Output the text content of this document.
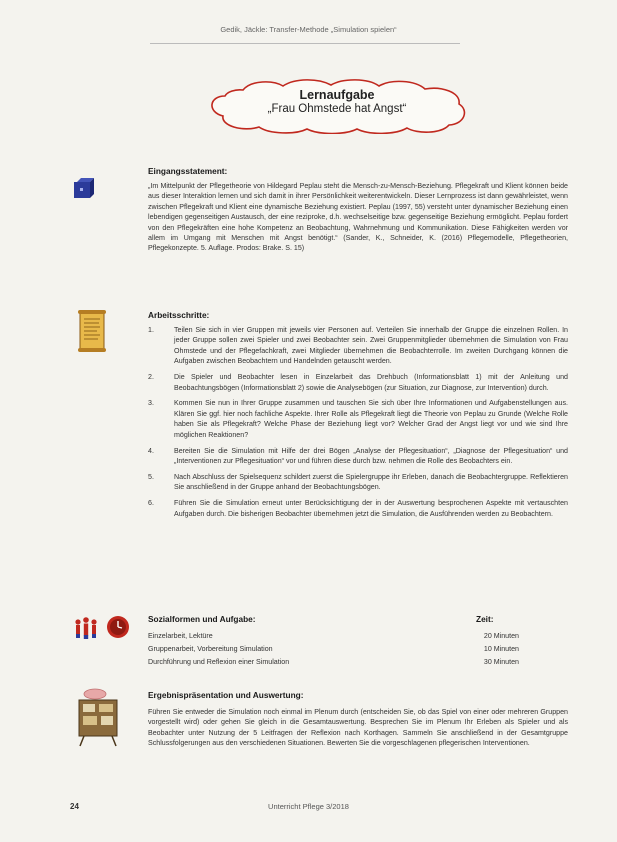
Gedik, Jäckle: Transfer-Methode „Simulation spielen“
Lernaufgabe
„Frau Ohmstede hat Angst“
Eingangsstatement:
„Im Mittelpunkt der Pflegetheorie von Hildegard Peplau steht die Mensch-zu-Mensch-Beziehung. Pflegekraft und Klient können beide aus dieser Interaktion lernen und sich damit in ihrer Persönlichkeit weiterentwickeln. Dieser Lernprozess ist dann gewährleistet, wenn zwischen Pflegekraft und Klient eine dynamische Beziehung existiert. Peplau (1997, 55) versteht unter dynamischer Beziehung einen lebendigen gegenseitigen Austausch, der eine reziproke, d.h. wechselseitige bzw. gegenseitige Beziehung ermöglicht. Peplau fordert von den Pflegekräften eine hohe Kompetenz an Beobachtung, Wahrnehmung und Kommunikation. Diese Fähigkeiten werden vor allem im Umgang mit Menschen mit Angst benötigt.“ (Sander, K., Schneider, K. (2016) Pflegemodelle, Pflegetheorien, Pflegekonzepte. 5. Auflage. Prodos: Brake. S. 15)
Arbeitsschritte:
1.	Teilen Sie sich in vier Gruppen mit jeweils vier Personen auf. Verteilen Sie innerhalb der Gruppe die einzelnen Rollen. In jeder Gruppe sollen zwei Spieler und zwei Beobachter sein. Zwei Gruppenmitglieder übernehmen die Simulation von Frau Ohmstede und der Pflegefachkraft, zwei Mitglieder übernehmen die Beobachterrolle. Im zweiten Durchgang können die Aufgaben zwischen Beobachtern und Handelnden getauscht werden.
2.	Die Spieler und Beobachter lesen in Einzelarbeit das Drehbuch (Informationsblatt 1) mit der Anleitung und Beobachtungsbögen (Informationsblatt 2) sowie die Analysebögen (zur Situation, zur Diagnose, zur Intervention) durch.
3.	Kommen Sie nun in Ihrer Gruppe zusammen und tauschen Sie sich über Ihre Informationen und Aufgabenstellungen aus. Klären Sie ggf. hier noch fachliche Aspekte. Ihrer Rolle als Pflegekraft liegt die Theorie von Peplau zu Grunde (Welche Rolle haben Sie als Pflegekraft? Welche Phase der Beziehung liegt vor? Welcher Grad der Angst liegt vor und wie sind Ihre möglichen Reaktionen?
4.	Bereiten Sie die Simulation mit Hilfe der drei Bögen „Analyse der Pflegesituation“, „Diagnose der Pflegesituation“ und „Interventionen zur Pflegesituation“ vor und führen diese durch bzw. nehmen die Rolle des Beobachters ein.
5.	Nach Abschluss der Spielsequenz schildert zuerst die Spielergruppe ihr Erleben, danach die Beobachtergruppe. Reflektieren Sie anschließend in der Gruppe anhand der Beobachtungsbögen.
6.	Führen Sie die Simulation erneut unter Berücksichtigung der in der Auswertung besprochenen Aspekte mit vertauschten Aufgaben durch. Die bisherigen Beobachter übernehmen jetzt die Simulation, die Ausführenden werden zu Beobachtern.
Sozialformen und Aufgabe:	Zeit:
Einzelarbeit, Lektüre	20 Minuten
Gruppenarbeit, Vorbereitung Simulation	10 Minuten
Durchführung und Reflexion einer Simulation	30 Minuten
Ergebnispräsentation und Auswertung:
Führen Sie entweder die Simulation noch einmal im Plenum durch (entscheiden Sie, ob das Spiel von einer oder mehreren Gruppen vorgestellt wird) oder gehen Sie gleich in die Gesamtauswertung. Besprechen Sie im Plenum Ihr Erleben als Spieler und als Beobachter unter Nutzung der 5 Leitfragen der Reflexion nach Korthagen. Sammeln Sie anschließend in der Gesamtgruppe Schlussfolgerungen aus den verschiedenen Situationen. Bewerten Sie die vorgeschlagenen pflegerischen Interventionen.
24	Unterricht Pflege 3/2018
